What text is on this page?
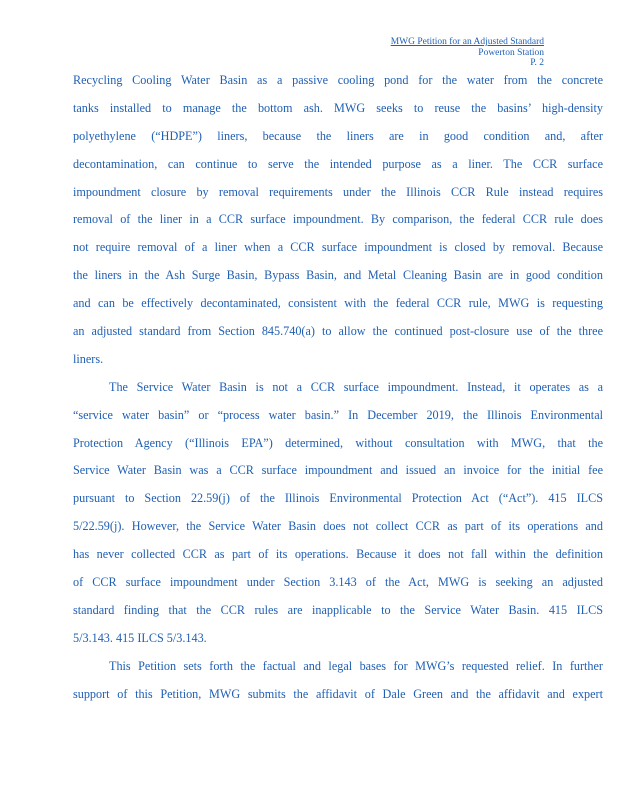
MWG Petition for an Adjusted Standard
Powerton Station
P. 2
Recycling Cooling Water Basin as a passive cooling pond for the water from the concrete
tanks installed to manage the bottom ash. MWG seeks to reuse the basins’ high-density
polyethylene (“HDPE”) liners, because the liners are in good condition and, after
decontamination, can continue to serve the intended purpose as a liner. The CCR surface
impoundment closure by removal requirements under the Illinois CCR Rule instead requires
removal of the liner in a CCR surface impoundment. By comparison, the federal CCR rule does
not require removal of a liner when a CCR surface impoundment is closed by removal. Because
the liners in the Ash Surge Basin, Bypass Basin, and Metal Cleaning Basin are in good condition
and can be effectively decontaminated, consistent with the federal CCR rule, MWG is requesting
an adjusted standard from Section 845.740(a) to allow the continued post-closure use of the three
liners.
The Service Water Basin is not a CCR surface impoundment. Instead, it operates as a
“service water basin” or “process water basin.” In December 2019, the Illinois Environmental
Protection Agency (“Illinois EPA”) determined, without consultation with MWG, that the
Service Water Basin was a CCR surface impoundment and issued an invoice for the initial fee
pursuant to Section 22.59(j) of the Illinois Environmental Protection Act (“Act”). 415 ILCS
5/22.59(j). However, the Service Water Basin does not collect CCR as part of its operations and
has never collected CCR as part of its operations. Because it does not fall within the definition
of CCR surface impoundment under Section 3.143 of the Act, MWG is seeking an adjusted
standard finding that the CCR rules are inapplicable to the Service Water Basin. 415 ILCS
5/3.143. 415 ILCS 5/3.143.
This Petition sets forth the factual and legal bases for MWG’s requested relief. In further
support of this Petition, MWG submits the affidavit of Dale Green and the affidavit and expert
